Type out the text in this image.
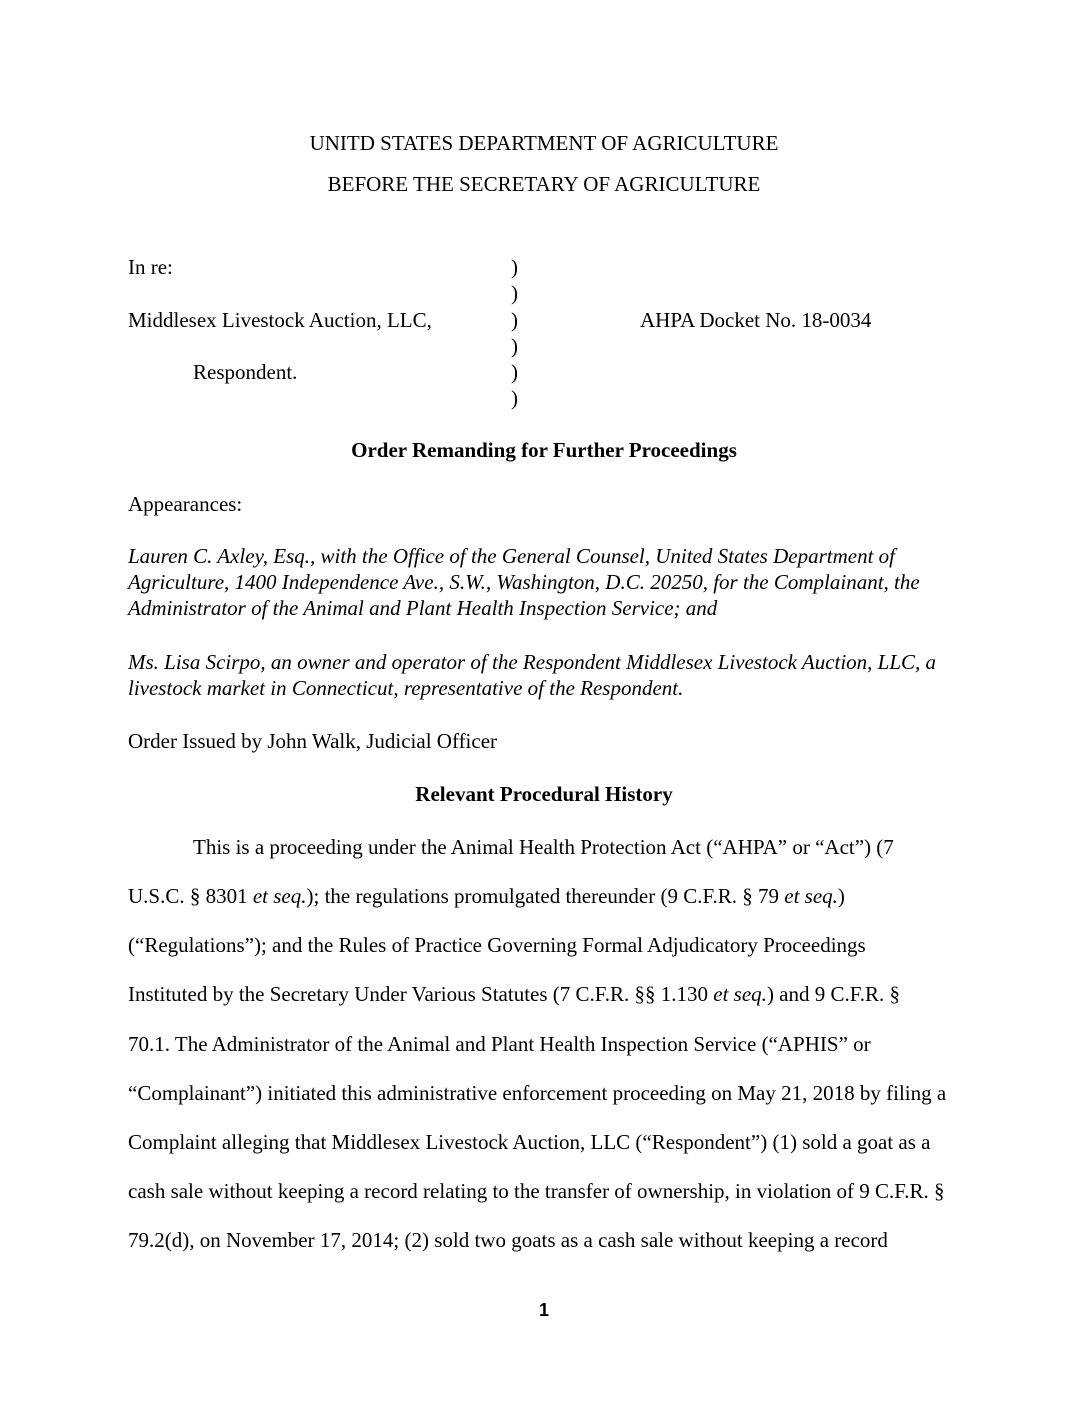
UNITD STATES DEPARTMENT OF AGRICULTURE
BEFORE THE SECRETARY OF AGRICULTURE
In re:
Middlesex Livestock Auction, LLC,
Respondent.
)
)
)
)
)
)
AHPA Docket No. 18-0034
Order Remanding for Further Proceedings
Appearances:
Lauren C. Axley, Esq., with the Office of the General Counsel, United States Department of
Agriculture, 1400 Independence Ave., S.W., Washington, D.C. 20250, for the Complainant, the
Administrator of the Animal and Plant Health Inspection Service; and
Ms. Lisa Scirpo, an owner and operator of the Respondent Middlesex Livestock Auction, LLC, a
livestock market in Connecticut, representative of the Respondent.
Order Issued by John Walk, Judicial Officer
Relevant Procedural History
This is a proceeding under the Animal Health Protection Act (“AHPA” or “Act”) (7
U.S.C. § 8301 et seq.); the regulations promulgated thereunder (9 C.F.R. § 79 et seq.)
(“Regulations”); and the Rules of Practice Governing Formal Adjudicatory Proceedings
Instituted by the Secretary Under Various Statutes (7 C.F.R. §§ 1.130 et seq.) and 9 C.F.R. §
70.1. The Administrator of the Animal and Plant Health Inspection Service (“APHIS” or
“Complainant”) initiated this administrative enforcement proceeding on May 21, 2018 by filing a
Complaint alleging that Middlesex Livestock Auction, LLC (“Respondent”) (1) sold a goat as a
cash sale without keeping a record relating to the transfer of ownership, in violation of 9 C.F.R. §
79.2(d), on November 17, 2014; (2) sold two goats as a cash sale without keeping a record
1
